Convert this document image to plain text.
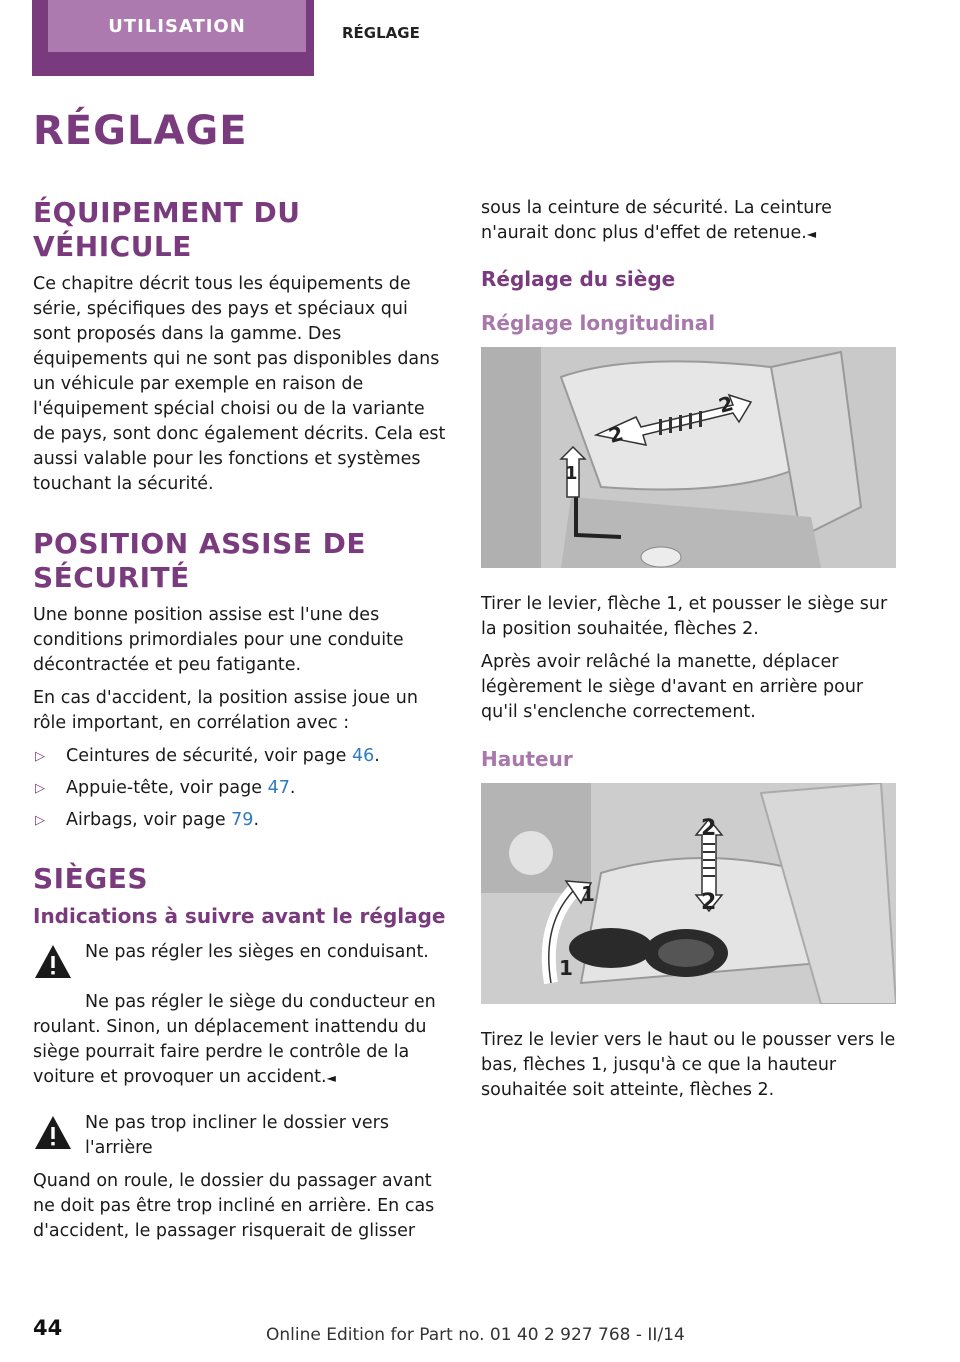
UTILISATION	RÉGLAGE
RÉGLAGE
ÉQUIPEMENT DU VÉHICULE

Ce chapitre décrit tous les équipements de série, spécifiques des pays et spéciaux qui sont proposés dans la gamme. Des équipements qui ne sont pas disponibles dans un véhicule par exemple en raison de l'équipement spécial choisi ou de la variante de pays, sont donc également décrits. Cela est aussi valable pour les fonctions et systèmes touchant la sécurité.

POSITION ASSISE DE SÉCURITÉ

Une bonne position assise est l'une des conditions primordiales pour une conduite décontractée et peu fatigante.

En cas d'accident, la position assise joue un rôle important, en corrélation avec :

▷ Ceintures de sécurité, voir page 46.
▷ Appuie-tête, voir page 47.
▷ Airbags, voir page 79.
SIÈGES
Indications à suivre avant le réglage

Ne pas régler les sièges en conduisant.

Ne pas régler le siège du conducteur en roulant. Sinon, un déplacement inattendu du siège pourrait faire perdre le contrôle de la voiture et provoquer un accident.◄

Ne pas trop incliner le dossier vers l'arrière

Quand on roule, le dossier du passager avant ne doit pas être trop incliné en arrière. En cas d'accident, le passager risquerait de glisser

sous la ceinture de sécurité. La ceinture n'aurait donc plus d'effet de retenue.◄

Réglage du siège
Réglage longitudinal
2
2
1

Tirer le levier, flèche 1, et pousser le siège sur la position souhaitée, flèches 2.

Après avoir relâché la manette, déplacer légèrement le siège d'avant en arrière pour qu'il s'enclenche correctement.

Hauteur
2
2
1
1

Tirez le levier vers le haut ou le pousser vers le bas, flèches 1, jusqu'à ce que la hauteur souhaitée soit atteinte, flèches 2.

44	Online Edition for Part no. 01 40 2 927 768 - II/14
